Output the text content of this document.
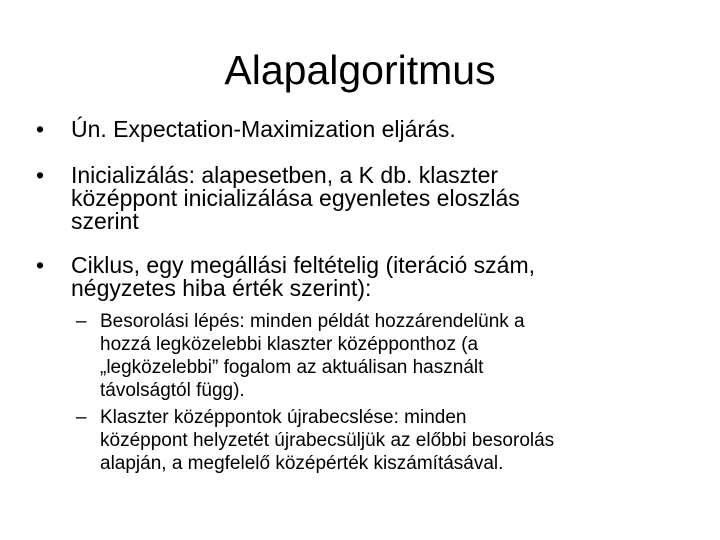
Alapalgoritmus
•	Ún. Expectation-Maximization eljárás.
•	Inicializálás: alapesetben, a K db. klaszter
középpont inicializálása egyenletes eloszlás
szerint
•	Ciklus, egy megállási feltételig (iteráció szám,
négyzetes hiba érték szerint):
– Besorolási lépés: minden példát hozzárendelünk a
hozzá legközelebbi klaszter középponthoz (a
„legközelebbi” fogalom az aktuálisan használt
távolságtól függ).
– Klaszter középpontok újrabecslése: minden
középpont helyzetét újrabecsüljük az előbbi besorolás
alapján, a megfelelő középérték kiszámításával.
